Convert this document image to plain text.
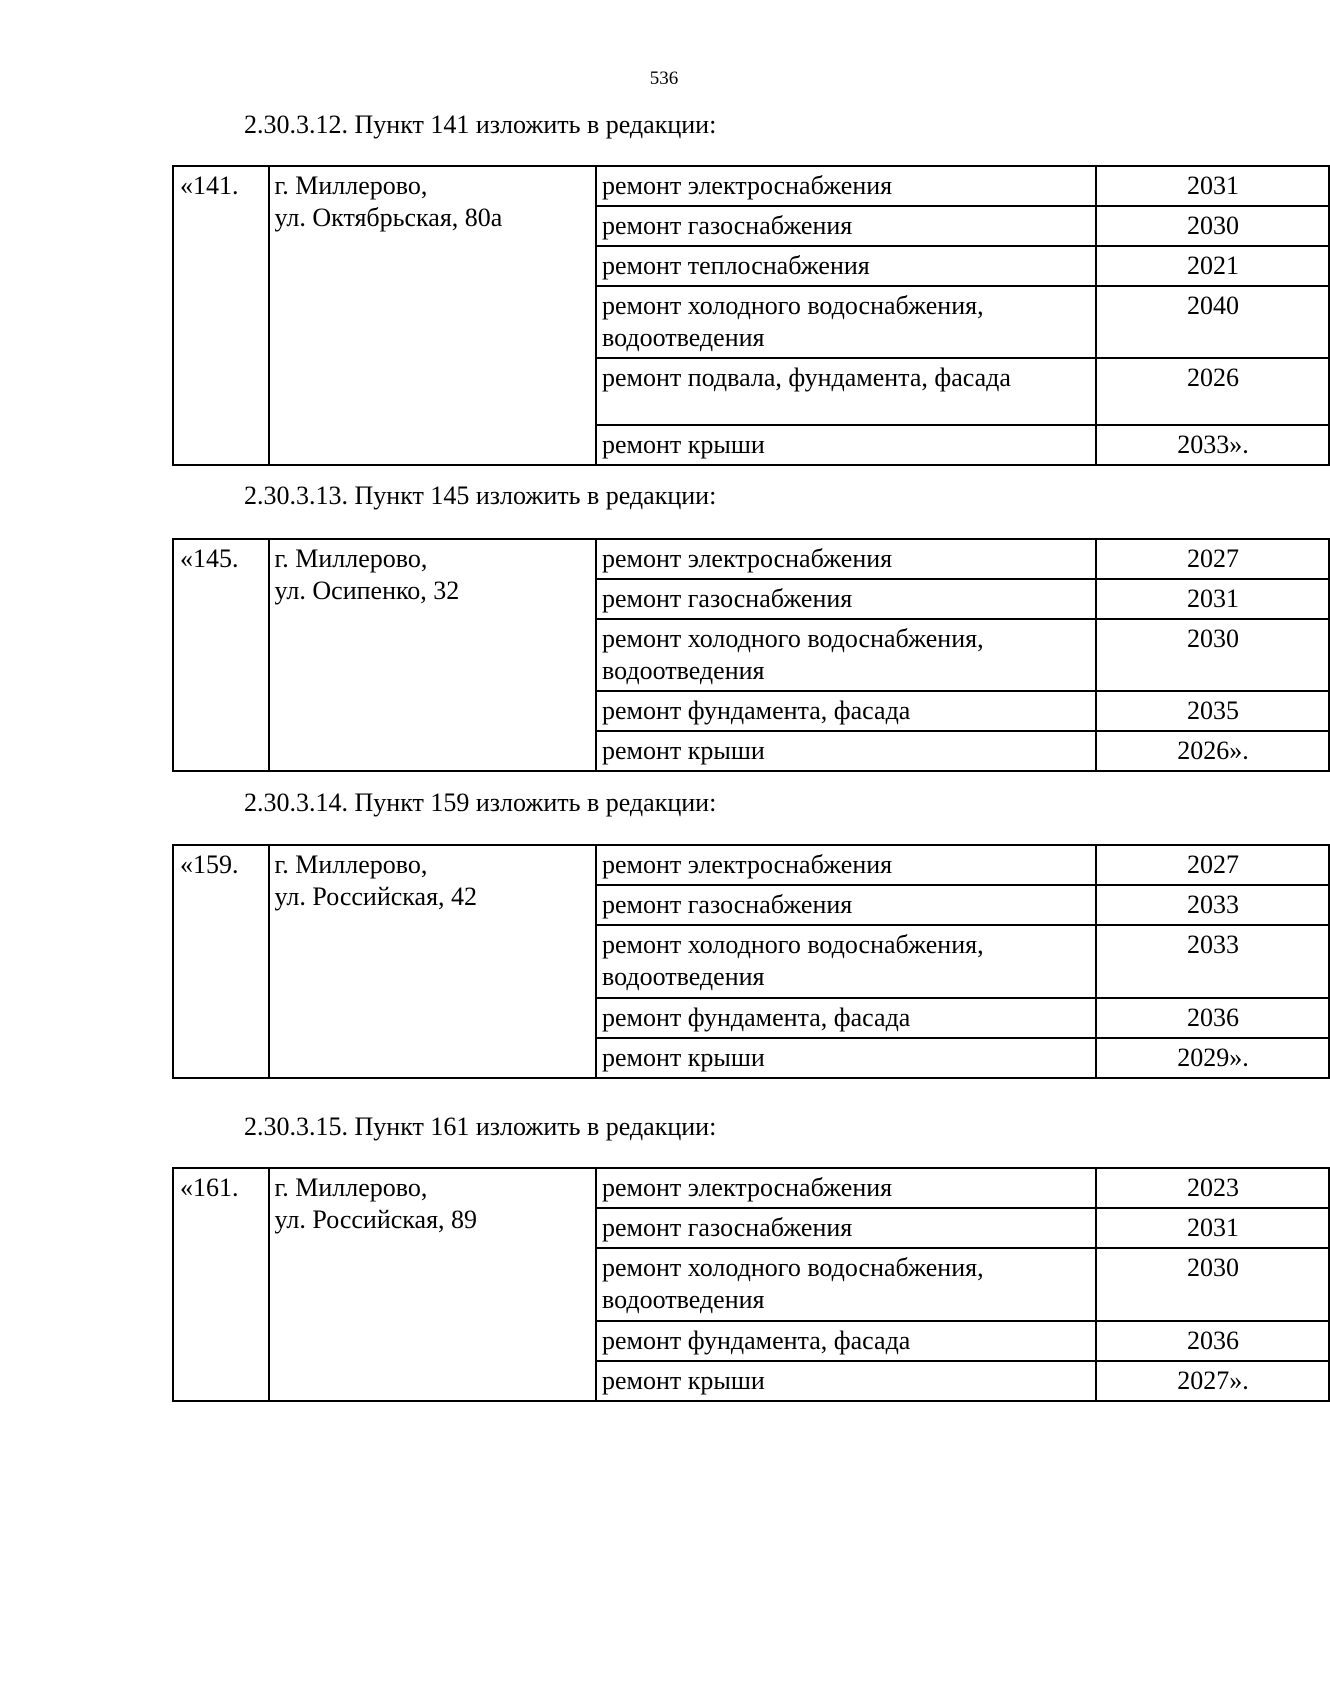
536
2.30.3.12. Пункт 141 изложить в редакции:
«141.	г. Миллерово,
ул. Октябрьская, 80а	ремонт электроснабжения	2031
		ремонт газоснабжения	2030
		ремонт теплоснабжения	2021
		ремонт холодного водоснабжения, водоотведения	2040
		ремонт подвала, фундамента, фасада	2026
		ремонт крыши	2033».
2.30.3.13. Пункт 145 изложить в редакции:
«145.	г. Миллерово,
ул. Осипенко, 32	ремонт электроснабжения	2027
		ремонт газоснабжения	2031
		ремонт холодного водоснабжения, водоотведения	2030
		ремонт фундамента, фасада	2035
		ремонт крыши	2026».
2.30.3.14. Пункт 159 изложить в редакции:
«159.	г. Миллерово,
ул. Российская, 42	ремонт электроснабжения	2027
		ремонт газоснабжения	2033
		ремонт холодного водоснабжения, водоотведения	2033
		ремонт фундамента, фасада	2036
		ремонт крыши	2029».
2.30.3.15. Пункт 161 изложить в редакции:
«161.	г. Миллерово,
ул. Российская, 89	ремонт электроснабжения	2023
		ремонт газоснабжения	2031
		ремонт холодного водоснабжения, водоотведения	2030
		ремонт фундамента, фасада	2036
		ремонт крыши	2027».
